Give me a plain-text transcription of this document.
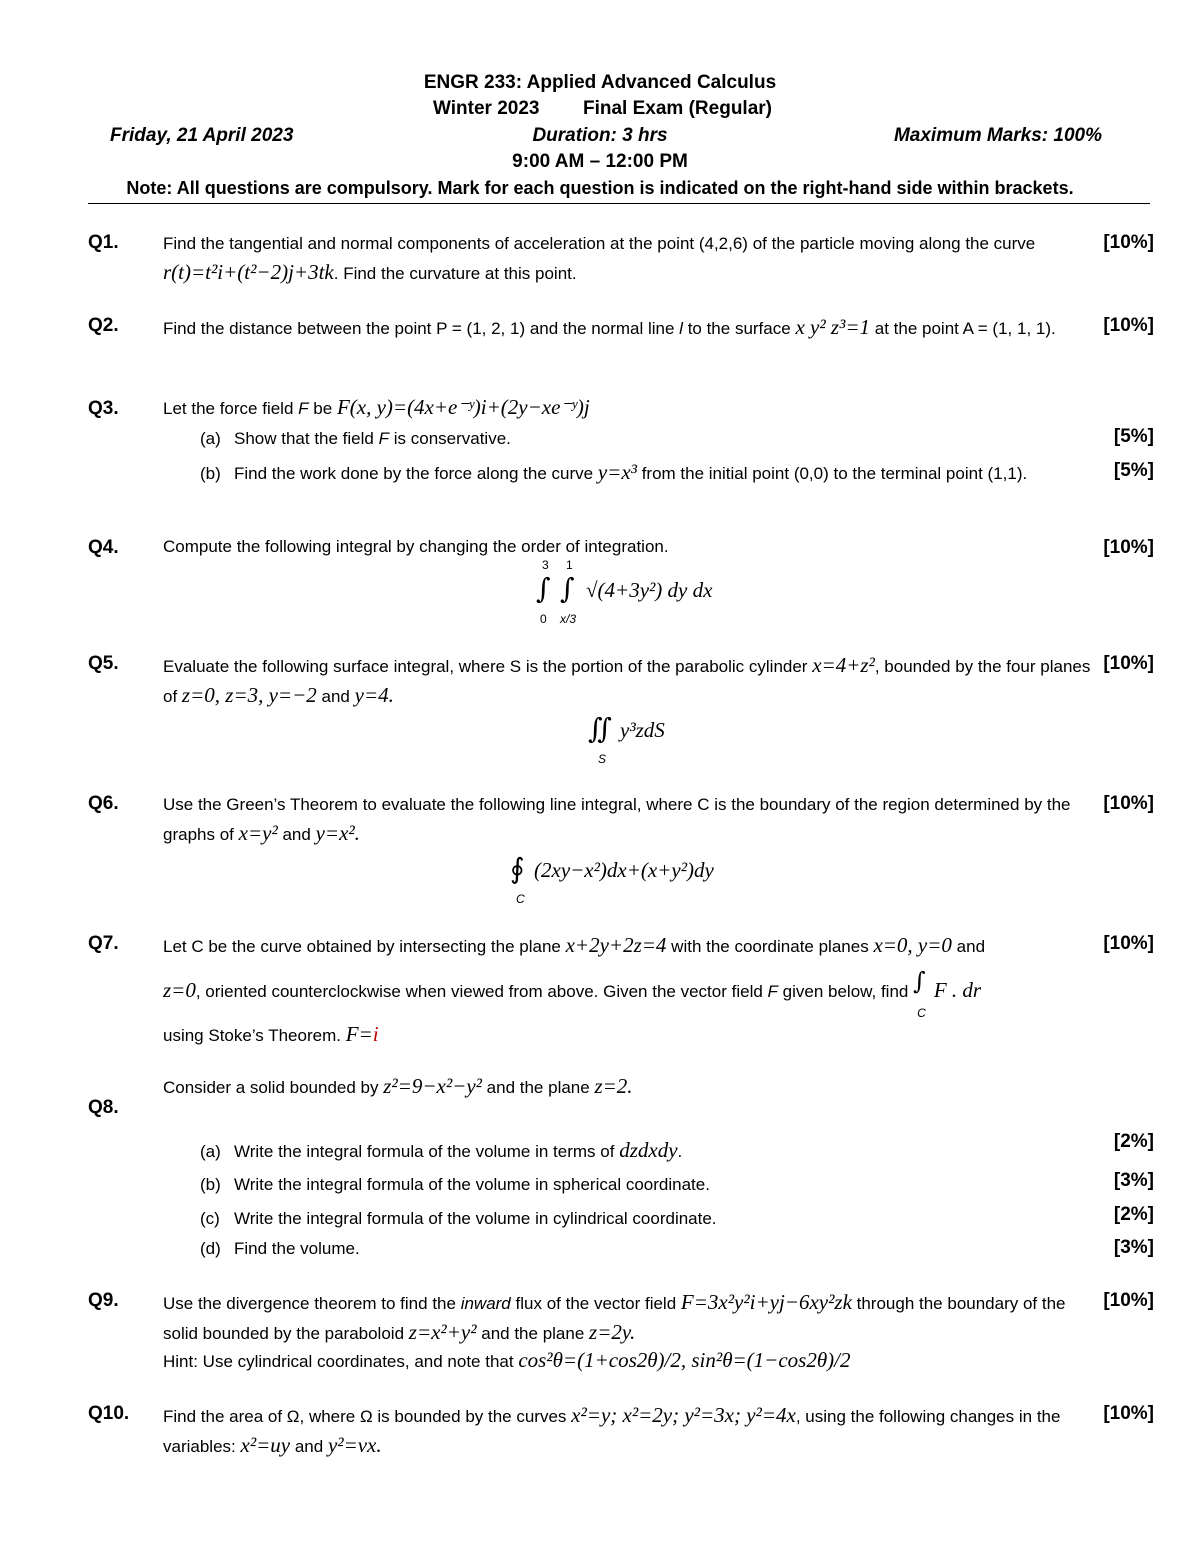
ENGR 233: Applied Advanced Calculus
Winter 2023 Final Exam (Regular)
Friday, 21 April 2023	Duration: 3 hrs	Maximum Marks: 100%
9:00 AM – 12:00 PM
Note: All questions are compulsory. Mark for each question is indicated on the right-hand side within brackets.
Q1.	[10%]
Find the tangential and normal components of acceleration at the point (4,2,6) of the particle moving along the curve r(t)=t²i+(t²−2)j+3tk. Find the curvature at this point.
Q2.	[10%]
Find the distance between the point P = (1, 2, 1) and the normal line l to the surface x y² z³=1 at the point A = (1, 1, 1).
Q3.	Let the force field F be F(x, y)=(4x+e⁻ʸ)i+(2y−xe⁻ʸ)j
(a) Show that the field F is conservative.	[5%]
(b) Find the work done by the force along the curve y=x³ from the initial point (0,0) to the terminal point (1,1).	[5%]
Q4.	[10%]
Compute the following integral by changing the order of integration.
3 1
∫ ∫ √(4+3y²) dy dx
0 x/3
Q5.	[10%]
Evaluate the following surface integral, where S is the portion of the parabolic cylinder x=4+z², bounded by the four planes of z=0, z=3, y=−2 and y=4.
∬ y³zdS
S
Q6.	[10%]
Use the Green’s Theorem to evaluate the following line integral, where C is the boundary of the region determined by the graphs of x=y² and y=x².
∮ (2xy−x²)dx+(x+y²)dy
C
Q7.	[10%]
Let C be the curve obtained by intersecting the plane x+2y+2z=4 with the coordinate planes x=0, y=0 and
z=0, oriented counterclockwise when viewed from above. Given the vector field F given below, find ∫
C
F . dr
using Stoke’s Theorem. F=i
Consider a solid bounded by z²=9−x²−y² and the plane z=2.
Q8.
(a) Write the integral formula of the volume in terms of dzdxdy.	[2%]
(b) Write the integral formula of the volume in spherical coordinate.	[3%]
(c) Write the integral formula of the volume in cylindrical coordinate.	[2%]
(d) Find the volume.	[3%]
Q9.	[10%]
Use the divergence theorem to find the inward flux of the vector field F=3x²y²i+yj−6xy²zk through the boundary of the solid bounded by the paraboloid z=x²+y² and the plane z=2y.
Hint: Use cylindrical coordinates, and note that cos²θ=(1+cos2θ)/2, sin²θ=(1−cos2θ)/2
Q10.	[10%]
Find the area of Ω, where Ω is bounded by the curves x²=y; x²=2y; y²=3x; y²=4x, using the following changes in the variables: x²=uy and y²=vx.
